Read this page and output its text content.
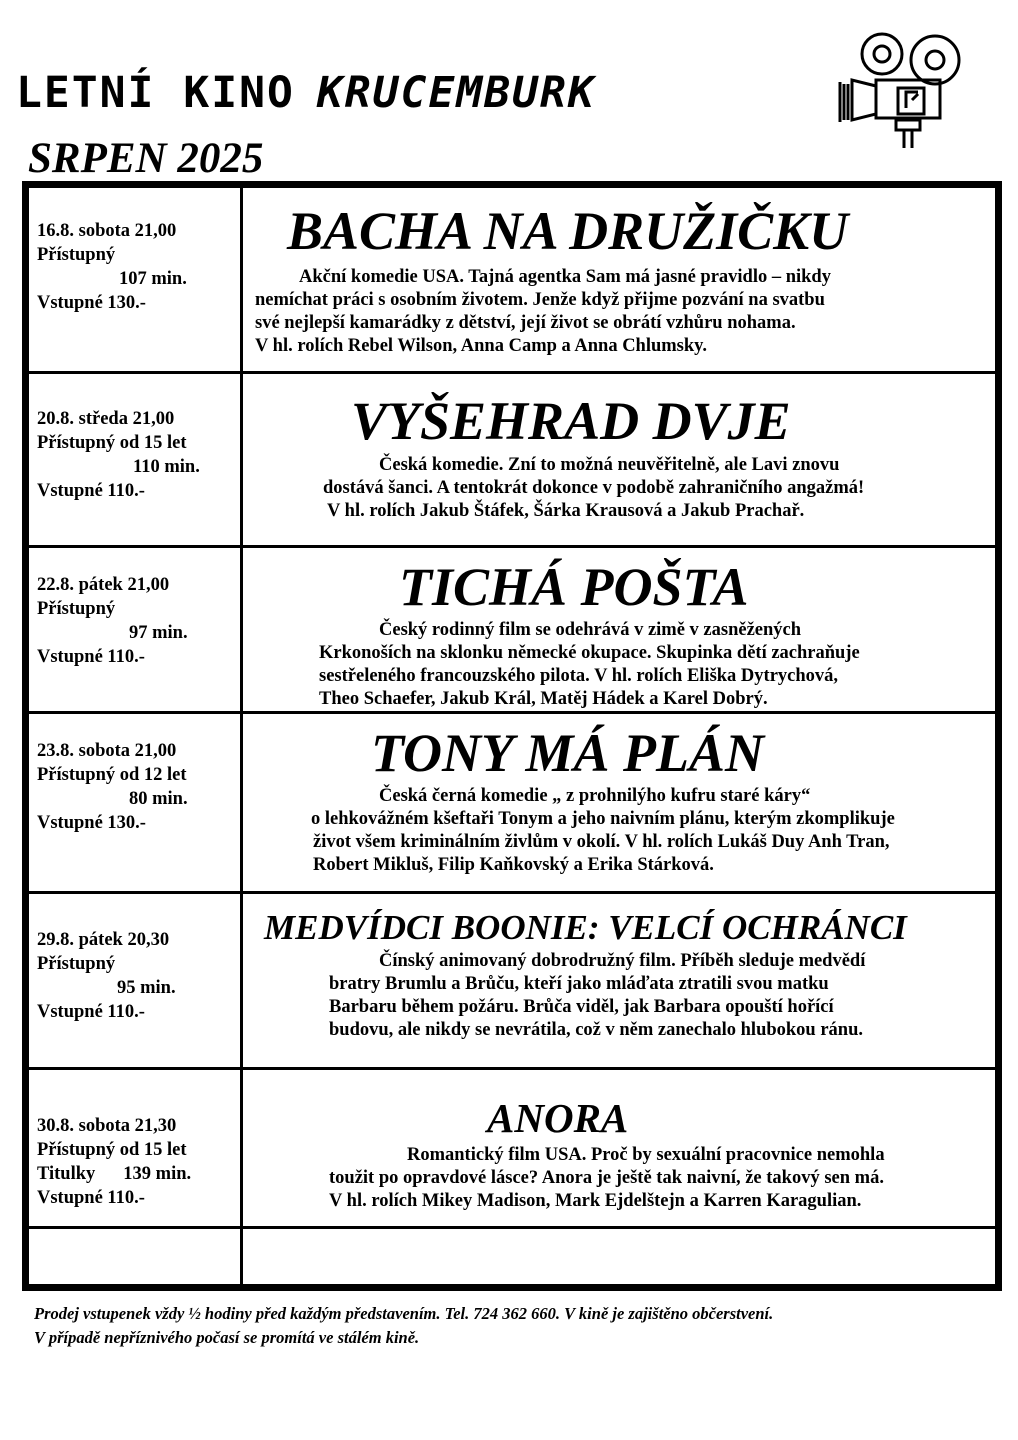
LETNÍ KINO KRUCEMBURK
SRPEN 2025
16.8. sobota 21,00
Přístupný
107 min.
Vstupné 130.-
BACHA NA DRUŽIČKU
Akční komedie USA. Tajná agentka Sam má jasné pravidlo – nikdy
nemíchat práci s osobním životem. Jenže když přijme pozvání na svatbu
své nejlepší kamarádky z dětství, její život se obrátí vzhůru nohama.
V hl. rolích Rebel Wilson, Anna Camp a Anna Chlumsky.
20.8. středa 21,00
Přístupný od 15 let
110 min.
Vstupné 110.-
VYŠEHRAD DVJE
Česká komedie. Zní to možná neuvěřitelně, ale Lavi znovu
dostává šanci. A tentokrát dokonce v podobě zahraničního angažmá!
V hl. rolích Jakub Štáfek, Šárka Krausová a Jakub Prachař.
22.8. pátek 21,00
Přístupný
97 min.
Vstupné 110.-
TICHÁ POŠTA
Český rodinný film se odehrává v zimě v zasněžených
Krkonoších na sklonku německé okupace. Skupinka dětí zachraňuje
sestřeleného francouzského pilota. V hl. rolích Eliška Dytrychová,
Theo Schaefer, Jakub Král, Matěj Hádek a Karel Dobrý.
23.8. sobota 21,00
Přístupný od 12 let
80 min.
Vstupné 130.-
TONY MÁ PLÁN
Česká černá komedie „ z prohnilýho kufru staré káry“
o lehkovážném kšeftaři Tonym a jeho naivním plánu, kterým zkomplikuje
život všem kriminálním živlům v okolí. V hl. rolích Lukáš Duy Anh Tran,
Robert Mikluš, Filip Kaňkovský a Erika Stárková.
29.8. pátek 20,30
Přístupný
95 min.
Vstupné 110.-
MEDVÍDCI BOONIE: VELCÍ OCHRÁNCI
Čínský animovaný dobrodružný film. Příběh sleduje medvědí
bratry Brumlu a Brůču, kteří jako mláďata ztratili svou matku
Barbaru během požáru. Brůča viděl, jak Barbara opouští hořící
budovu, ale nikdy se nevrátila, což v něm zanechalo hlubokou ránu.
30.8. sobota 21,30
Přístupný od 15 let
Titulky 139 min.
Vstupné 110.-
ANORA
Romantický film USA. Proč by sexuální pracovnice nemohla
toužit po opravdové lásce? Anora je ještě tak naivní, že takový sen má.
V hl. rolích Mikey Madison, Mark Ejdelštejn a Karren Karagulian.
Prodej vstupenek vždy ½ hodiny před každým představením. Tel. 724 362 660. V kině je zajištěno občerstvení.
V případě nepříznivého počasí se promítá ve stálém kině.
